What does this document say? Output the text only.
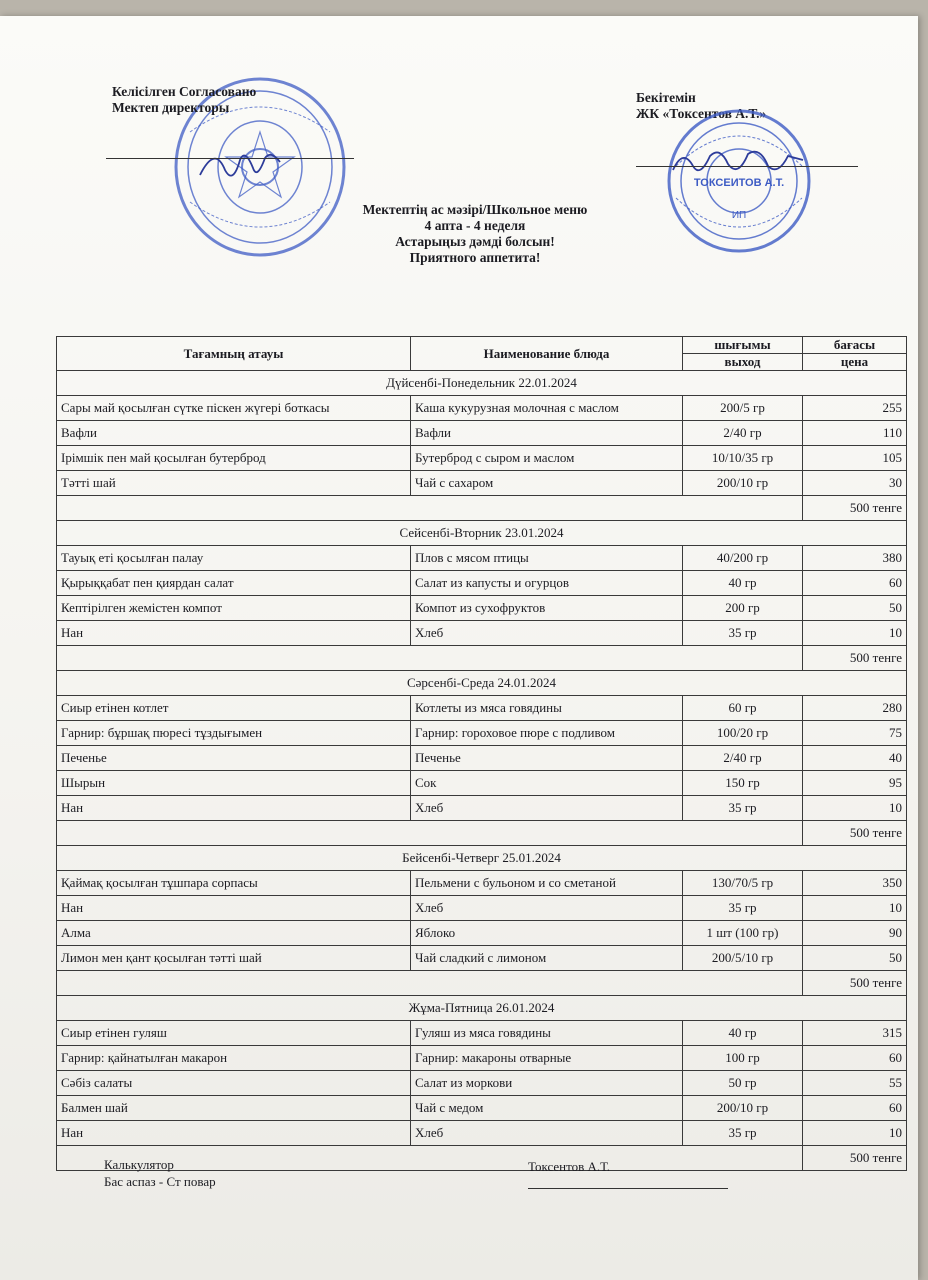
Келісілген Согласовано
Мектеп директоры
Бекітемін
ЖК «Токсентов А.Т.»
ТОКСЕИТОВ А.Т.
ИП
Мектептің ас мәзірі/Школьное меню
4 апта - 4 неделя
Астарыңыз дәмді болсын!
Приятного аппетита!
Тағамның атауы	Наименование блюда	шығымы	бағасы
		выход	цена
Дүйсенбі-Понедельник 22.01.2024			
Сары май қосылған сүтке піскен жүгері боткасы	Каша кукурузная молочная с маслом	200/5 гр	255
Вафли	Вафли	2/40 гр	110
Ірімшік пен май қосылған бутерброд	Бутерброд с сыром и маслом	10/10/35 гр	105
Тәтті шай	Чай с сахаром	200/10 гр	30
			500 тенге
Сейсенбі-Вторник 23.01.2024			
Тауық еті қосылған палау	Плов с мясом птицы	40/200 гр	380
Қырыққабат пен қиярдан салат	Салат из капусты и огурцов	40 гр	60
Кептірілген жемістен компот	Компот из сухофруктов	200 гр	50
Нан	Хлеб	35 гр	10
			500 тенге
Сәрсенбі-Среда 24.01.2024			
Сиыр етінен котлет	Котлеты из мяса говядины	60 гр	280
Гарнир: бұршақ пюресі тұздығымен	Гарнир: гороховое пюре с подливом	100/20 гр	75
Печенье	Печенье	2/40 гр	40
Шырын	Сок	150 гр	95
Нан	Хлеб	35 гр	10
			500 тенге
Бейсенбі-Четверг 25.01.2024			
Қаймақ қосылған тұшпара сорпасы	Пельмени с бульоном и со сметаной	130/70/5 гр	350
Нан	Хлеб	35 гр	10
Алма	Яблоко	1 шт (100 гр)	90
Лимон мен қант қосылған тәтті шай	Чай сладкий с лимоном	200/5/10 гр	50
			500 тенге
Жұма-Пятница 26.01.2024			
Сиыр етінен гуляш	Гуляш из мяса говядины	40 гр	315
Гарнир: қайнатылған макарон	Гарнир: макароны отварные	100 гр	60
Сәбіз салаты	Салат из моркови	50 гр	55
Балмен шай	Чай с медом	200/10 гр	60
Нан	Хлеб	35 гр	10
			500 тенге
Калькулятор
Бас аспаз - Ст повар
Токсентов А.Т.
